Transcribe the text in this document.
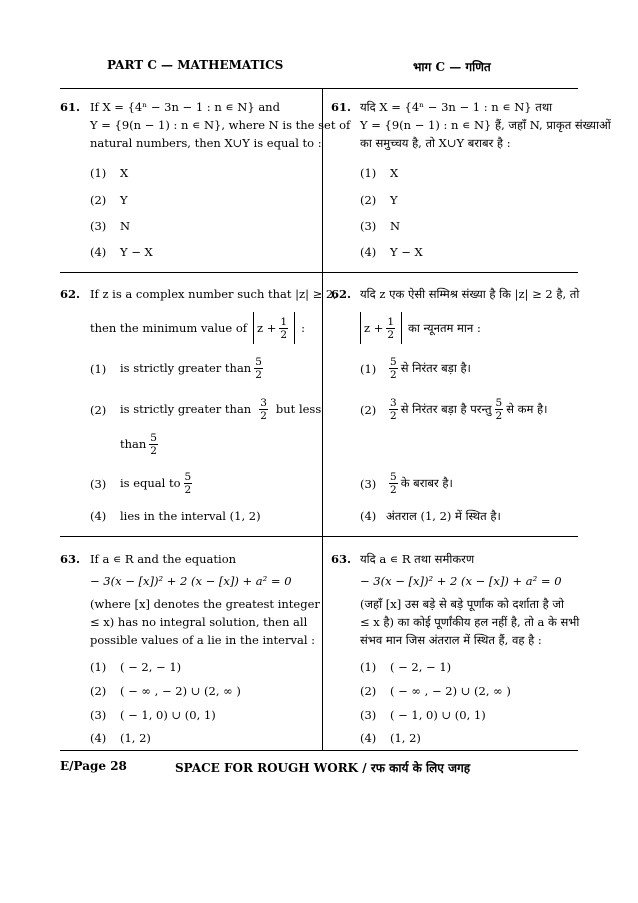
PART C — MATHEMATICS	भाग C — गणित
61. If X = {4ⁿ − 3n − 1 : n ∊ N} and
Y = {9(n − 1) : n ∊ N}, where N is the set of
natural numbers, then X∪Y is equal to :
(1) X
(2) Y
(3) N
(4) Y − X
61. यदि X = {4ⁿ − 3n − 1 : n ∊ N} तथा
Y = {9(n − 1) : n ∊ N} हैं, जहाँ N, प्राकृत संख्याओं
का समुच्चय है, तो X∪Y बराबर है :
(1) X
(2) Y
(3) N
(4) Y − X
62. If z is a complex number such that |z| ≥ 2,
then the minimum value of $z + \frac{1}{2}$ :
(1) is strictly greater than $\frac{5}{2}$
(2) is strictly greater than $\frac{3}{2}$ but less
than $\frac{5}{2}$
(3) is equal to $\frac{5}{2}$
(4) lies in the interval (1, 2)
62. यदि z एक ऐसी सम्मिश्र संख्या है कि |z| ≥ 2 है, तो
$z + \frac{1}{2}$ का न्यूनतम मान :
$(1) \frac{5}{2}$ से निरंतर बड़ा है।
$(2) \frac{3}{2}$ से निरंतर बड़ा है परन्तु $\frac{5}{2}$ से कम है।
$(3) \frac{5}{2}$ के बराबर है।
(4) अंतराल (1, 2) में स्थित है।
63. If a ∊ R and the equation
− 3(x − [x])² + 2 (x − [x]) + a² = 0
(where [x] denotes the greatest integer
≤ x) has no integral solution, then all
possible values of a lie in the interval :
(1) ( − 2, − 1)
(2) ( − ∞ , − 2) ∪ (2, ∞ )
(3) ( − 1, 0) ∪ (0, 1)
(4) (1, 2)
63. यदि a ∊ R तथा समीकरण
− 3(x − [x])² + 2 (x − [x]) + a² = 0
(जहाँ [x] उस बड़े से बड़े पूर्णांक को दर्शाता है जो
≤ x है) का कोई पूर्णांकीय हल नहीं है, तो a के सभी
संभव मान जिस अंतराल में स्थित हैं, वह है :
(1) ( − 2, − 1)
(2) ( − ∞ , − 2) ∪ (2, ∞ )
(3) ( − 1, 0) ∪ (0, 1)
(4) (1, 2)
E/Page 28	SPACE FOR ROUGH WORK / रफ कार्य के लिए जगह
